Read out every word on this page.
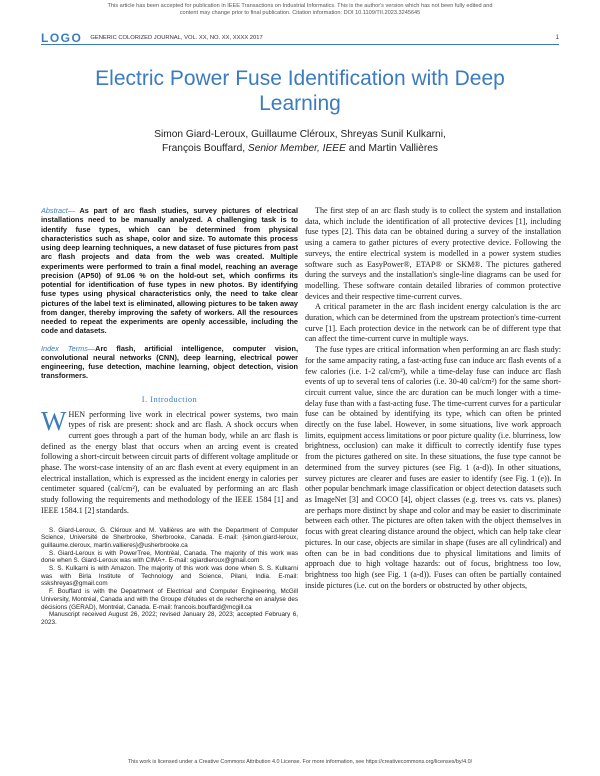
This article has been accepted for publication in IEEE Transactions on Industrial Informatics. This is the author's version which has not been fully edited and
content may change prior to final publication. Citation information: DOI 10.1109/TII.2023.3245645
LOGO GENERIC COLORIZED JOURNAL, VOL. XX, NO. XX, XXXX 2017	1
Electric Power Fuse Identification with Deep Learning
Simon Giard-Leroux, Guillaume Cléroux, Shreyas Sunil Kulkarni,
François Bouffard, Senior Member, IEEE and Martin Vallières
Abstract— As part of arc flash studies, survey pictures of electrical installations need to be manually analyzed. A challenging task is to identify fuse types, which can be determined from physical characteristics such as shape, color and size. To automate this process using deep learning techniques, a new dataset of fuse pictures from past arc flash projects and data from the web was created. Multiple experiments were performed to train a final model, reaching an average precision (AP50) of 91.06 % on the hold-out set, which confirms its potential for identification of fuse types in new photos. By identifying fuse types using physical characteristics only, the need to take clear pictures of the label text is eliminated, allowing pictures to be taken away from danger, thereby improving the safety of workers. All the resources needed to repeat the experiments are openly accessible, including the code and datasets.
Index Terms—Arc flash, artificial intelligence, computer vision, convolutional neural networks (CNN), deep learning, electrical power engineering, fuse detection, machine learning, object detection, vision transformers.
I. Introduction

WHEN performing live work in electrical power systems, two main types of risk are present: shock and arc flash. A shock occurs when current goes through a part of the human body, while an arc flash is defined as the energy blast that occurs when an arcing event is created following a short-circuit between circuit parts of different voltage amplitude or phase. The worst-case intensity of an arc flash event at every equipment in an electrical installation, which is expressed as the incident energy in calories per centimeter squared (cal/cm²), can be evaluated by performing an arc flash study following the requirements and methodology of the IEEE 1584 [1] and IEEE 1584.1 [2] standards.

S. Giard-Leroux, G. Cléroux and M. Vallières are with the Department of Computer Science, Université de Sherbrooke, Sherbrooke, Canada. E-mail: {simon.giard-leroux, guillaume.cleroux, martin.vallieres}@usherbrooke.ca

S. Giard-Leroux is with PowerTree, Montréal, Canada. The majority of this work was done when S. Giard-Leroux was with CIMA+. E-mail: sgiardleroux@gmail.com

S. S. Kulkarni is with Amazon. The majority of this work was done when S. S. Kulkarni was with Birla Institute of Technology and Science, Pilani, India. E-mail: sskshreyas@gmail.com

F. Bouffard is with the Department of Electrical and Computer Engineering, McGill University, Montréal, Canada and with the Groupe d'études et de recherche en analyse des décisions (GERAD), Montréal, Canada. E-mail: francois.bouffard@mcgill.ca

Manuscript received August 26, 2022; revised January 28, 2023; accepted February 6, 2023.

The first step of an arc flash study is to collect the system and installation data, which include the identification of all protective devices [1], including fuse types [2]. This data can be obtained during a survey of the installation using a camera to gather pictures of every protective device. Following the surveys, the entire electrical system is modelled in a power system studies software such as EasyPower®, ETAP® or SKM®. The pictures gathered during the surveys and the installation's single-line diagrams can be used for modelling. These software contain detailed libraries of common protective devices and their respective time-current curves.

A critical parameter in the arc flash incident energy calculation is the arc duration, which can be determined from the upstream protection's time-current curve [1]. Each protection device in the network can be of different type that can affect the time-current curve in multiple ways.

The fuse types are critical information when performing an arc flash study: for the same ampacity rating, a fast-acting fuse can induce arc flash events of a few calories (i.e. 1-2 cal/cm²), while a time-delay fuse can induce arc flash events of up to several tens of calories (i.e. 30-40 cal/cm²) for the same short-circuit current value, since the arc duration can be much longer with a time-delay fuse than with a fast-acting fuse. The time-current curves for a particular fuse can be obtained by identifying its type, which can often be printed directly on the fuse label. However, in some situations, live work approach limits, equipment access limitations or poor picture quality (i.e. blurriness, low brightness, occlusion) can make it difficult to correctly identify fuse types from the pictures gathered on site. In these situations, the fuse type cannot be determined from the survey pictures (see Fig. 1 (a-d)). In other situations, survey pictures are clearer and fuses are easier to identify (see Fig. 1 (e)). In other popular benchmark image classification or object detection datasets such as ImageNet [3] and COCO [4], object classes (e.g. trees vs. cats vs. planes) are perhaps more distinct by shape and color and may be easier to discriminate between each other. The pictures are often taken with the object themselves in focus with great clearing distance around the object, which can help take clear pictures. In our case, objects are similar in shape (fuses are all cylindrical) and often can be in bad conditions due to physical limitations and limits of approach due to high voltage hazards: out of focus, brightness too low, brightness too high (see Fig. 1 (a-d)). Fuses can often be partially contained inside pictures (i.e. cut on the borders or obstructed by other objects,

This work is licensed under a Creative Commons Attribution 4.0 License. For more information, see https://creativecommons.org/licenses/by/4.0/
